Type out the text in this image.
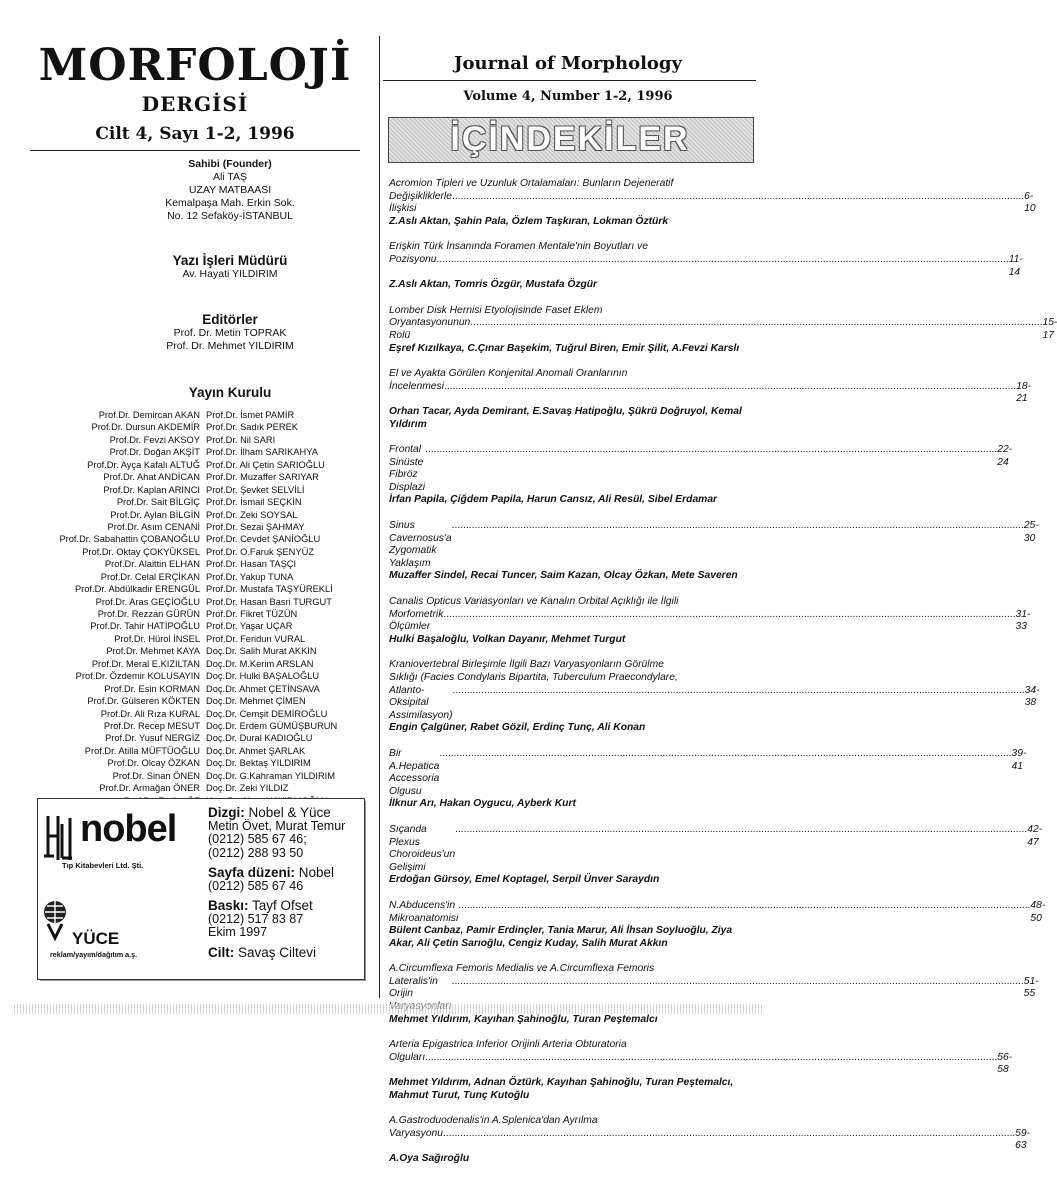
MORFOLOJİ
DERGİSİ
Cilt 4, Sayı 1-2, 1996
Sahibi (Founder)
Ali TAŞ
UZAY MATBAASI
Kemalpaşa Mah. Erkin Sok.
No. 12 Sefaköy-İSTANBUL
Yazı İşleri Müdürü
Av. Hayati YILDIRIM
Editörler
Prof. Dr. Metin TOPRAK
Prof. Dr. Mehmet YILDIRIM
Yayın Kurulu
Prof.Dr. Demircan AKAN Prof.Dr. İsmet PAMİR
Prof.Dr. Dursun AKDEMİR Prof.Dr. Sadık PEREK
Prof.Dr. Fevzi AKSOY Prof.Dr. Nil SARI
Prof.Dr. Doğan AKŞİT Prof.Dr. İlham SARIKAHYA
Prof.Dr. Ayça Kafalı ALTUĞ Prof.Dr. Ali Çetin SARIOĞLU
Prof.Dr. Ahat ANDİCAN Prof.Dr. Muzaffer SARIYAR
Prof.Dr. Kaplan ARINCI Prof.Dr. Şevket SELVİLİ
Prof.Dr. Sait BİLGİÇ Prof.Dr. İsmail SEÇKİN
Prof.Dr. Aylan BİLGİN Prof.Dr. Zeki SOYSAL
Prof.Dr. Asım CENANİ Prof.Dr. Sezai ŞAHMAY
Prof.Dr. Sabahattin ÇOBANOĞLU Prof.Dr. Cevdet ŞANİOĞLU
Prof.Dr. Oktay ÇOKYÜKSEL Prof.Dr. O.Faruk ŞENYÜZ
Prof.Dr. Alaittin ELHAN Prof.Dr. Hasan TAŞÇI
Prof.Dr. Celal ERÇİKAN Prof.Dr. Yakup TUNA
Prof.Dr. Abdülkadir ERENGÜL Prof.Dr. Mustafa TAŞYÜREKLİ
Prof.Dr. Aras GEÇİOĞLU Prof.Dr. Hasan Basri TURGUT
Prof.Dr. Rezzan GÜRÜN Prof.Dr. Fikret TÜZÜN
Prof.Dr. Tahir HATİPOĞLU Prof.Dr. Yaşar UÇAR
Prof.Dr. Hürol İNSEL Prof.Dr. Feridun VURAL
Prof.Dr. Mehmet KAYA Doç.Dr. Salih Murat AKKIN
Prof.Dr. Meral E.KIZILTAN Doç.Dr. M.Kerim ARSLAN
Prof.Dr. Özdemir KOLUSAYIN Doç.Dr. Hulki BAŞALOĞLU
Prof.Dr. Esin KORMAN Doç.Dr. Ahmet ÇETİNSAVA
Prof.Dr. Gülseren KÖKTEN Doç.Dr. Mehmet ÇİMEN
Prof.Dr. Ali Rıza KURAL Doç.Dr. Cemşit DEMİROĞLU
Prof.Dr. Recep MESUT Doç.Dr. Erdem GÜMÜŞBURUN
Prof.Dr. Yusuf NERGİZ Doç.Dr. Dural KADIOĞLU
Prof.Dr. Atilla MÜFTÜOĞLU Doç.Dr. Ahmet ŞARLAK
Prof.Dr. Olcay ÖZKAN Doç.Dr. Bektaş YILDIRIM
Prof.Dr. Sinan ÖNEN Doç.Dr. G.Kahraman YILDIRIM
Prof.Dr. Armağan ÖNER Doç.Dr. Zeki YILDIZ
nobel
Tıp Kitabevleri Ltd. Şti.
YÜCE
reklam/yayım/dağıtım a.ş.
Dizgi: Nobel & Yüce
Metin Övet, Murat Temur
(0212) 585 67 46;
(0212) 288 93 50
Sayfa düzeni: Nobel
(0212) 585 67 46
Baskı: Tayf Ofset
(0212) 517 83 87
Ekim 1997
Cilt: Savaş Ciltevi
Journal of Morphology
Volume 4, Number 1-2, 1996
İÇİNDEKİLER
Acromion Tipleri ve Uzunluk Ortalamaları: Bunların Dejeneratif
Değişikliklerle İlişkisi
........................................................................................................................................................................................................ 6-10
Z.Aslı Aktan, Şahin Pala, Özlem Taşkıran, Lokman Öztürk
Erişkin Türk İnsanında Foramen Mentale'nin Boyutları ve
Pozisyonu ........................................................................................................................................................................................................ 11-14
Z.Aslı Aktan, Tomris Özgür, Mustafa Özgür
Lomber Disk Hernisi Etyolojisinde Faset Eklem
Oryantasyonunun Rolü
........................................................................................................................................................................................................ 15-17
Eşref Kızılkaya, C.Çınar Başekim, Tuğrul Biren, Emir Şilit, A.Fevzi Karslı
El ve Ayakta Görülen Konjenital Anomali Oranlarının
İncelenmesi ........................................................................................................................................................................................................ 18-21
Orhan Tacar, Ayda Demirant, E.Savaş Hatipoğlu, Şükrü Doğruyol, Kemal Yıldırım
Frontal Sinüste Fibröz Displazi
........................................................................................................................................................................................................ 22-24
İrfan Papila, Çiğdem Papila, Harun Cansız, Ali Resül, Sibel Erdamar
Sinus Cavernosus'a Zygomatik Yaklaşım
........................................................................................................................................................................................................ 25-30
Muzaffer Sindel, Recai Tuncer, Saim Kazan, Olcay Özkan, Mete Saveren
Canalis Opticus Variasyonları ve Kanalın Orbital Açıklığı ile İlgili
Morfometrik Ölçümler
........................................................................................................................................................................................................ 31-33
Hulki Başaloğlu, Volkan Dayanır, Mehmet Turgut
Kraniovertebral Birleşimle İlgili Bazı Varyasyonların Görülme
Sıklığı (Facies Condylaris Bipartita, Tuberculum Praecondylare,
Atlanto-Oksipital Assimilasyon)
........................................................................................................................................................................................................ 34-38
Engin Çalgüner, Rabet Gözil, Erdinç Tunç, Ali Konan
Bir A.Hepatica Accessoria Olgusu
........................................................................................................................................................................................................ 39-41
İlknur Arı, Hakan Oygucu, Ayberk Kurt
Sıçanda Plexus Choroideus'un Gelişimi
........................................................................................................................................................................................................ 42-47
Erdoğan Gürsoy, Emel Koptagel, Serpil Ünver Saraydın
N.Abducens'in Mikroanatomisi
........................................................................................................................................................................................................ 48-50
Bülent Canbaz, Pamir Erdinçler, Tania Marur, Ali İhsan Soyluoğlu, Ziya Akar, Ali Çetin Sarıoğlu, Cengiz Kuday, Salih Murat Akkın
A.Circumflexa Femoris Medialis ve A.Circumflexa Femoris
Lateralis'in Orijin
........................................................................................................................................................................................................ 51-55
Mehmet Yıldırım, Kayıhan Şahinoğlu, Turan Peştemalcı
Arteria Epigastrica Inferior Orijinli Arteria Obturatoria
Olguları ........................................................................................................................................................................................................ 56-58
Mehmet Yıldırım, Adnan Öztürk, Kayıhan Şahinoğlu, Turan Peştemalcı, Mahmut Turut, Tunç Kutoğlu
A.Gastroduodenalis'in A.Splenica'dan Ayrılma
Varyasyonu ........................................................................................................................................................................................................ 59-63
A.Oya Sağıroğlu
